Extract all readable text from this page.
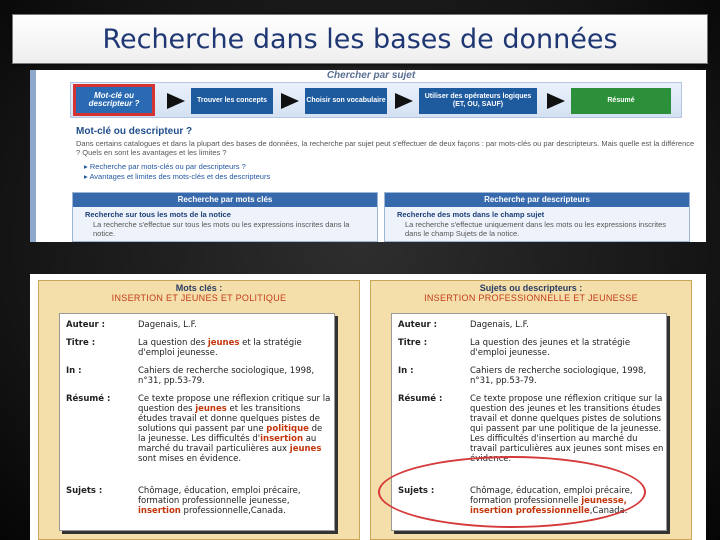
Recherche dans les bases de données
Chercher par sujet
Mot-clé ou descripteur ?	Trouver les concepts	Choisir son vocabulaire
Utiliser des opérateurs logiques (ET, OU, SAUF)
Résumé
Mot-clé ou descripteur ?
Dans certains catalogues et dans la plupart des bases de données, la recherche par sujet peut s'effectuer de deux façons : par mots-clés ou par descripteurs. Mais quelle est la différence ? Quels en sont les avantages et les limites ?
▸ Recherche par mots-clés ou par descripteurs ?
▸ Avantages et limites des mots-clés et des descripteurs
Recherche par mots clés
Recherche sur tous les mots de la notice
La recherche s'effectue sur tous les mots ou les expressions inscrites dans la notice.
Recherche par descripteurs
Recherche des mots dans le champ sujet
La recherche s'effectue uniquement dans les mots ou les expressions inscrites dans le champ Sujets de la notice.
Mots clés :
INSERTION ET JEUNES ET POLITIQUE
Auteur :	Dagenais, L.F.
Titre :	La question des jeunes et la stratégie d'emploi jeunesse.
In :	Cahiers de recherche sociologique, 1998, n°31, pp.53-79.
Résumé :	Ce texte propose une réflexion critique sur la question des jeunes et les transitions études travail et donne quelques pistes de solutions qui passent par une politique de la jeunesse. Les difficultés d'insertion au marché du travail particulières aux jeunes sont mises en évidence.
Sujets :	Chômage, éducation, emploi précaire, formation professionnelle jeunesse, insertion professionnelle,Canada.
Sujets ou descripteurs :
INSERTION PROFESSIONNELLE ET JEUNESSE
Auteur :	Dagenais, L.F.
Titre :	La question des jeunes et la stratégie d'emploi jeunesse.
In :	Cahiers de recherche sociologique, 1998, n°31, pp.53-79.
Résumé :	Ce texte propose une réflexion critique sur la question des jeunes et les transitions études travail et donne quelques pistes de solutions qui passent par une politique de la jeunesse. Les difficultés d'insertion au marché du travail particulières aux jeunes sont mises en évidence.
Sujets :	Chômage, éducation, emploi précaire, formation professionnelle jeunesse, insertion professionnelle,Canada.
